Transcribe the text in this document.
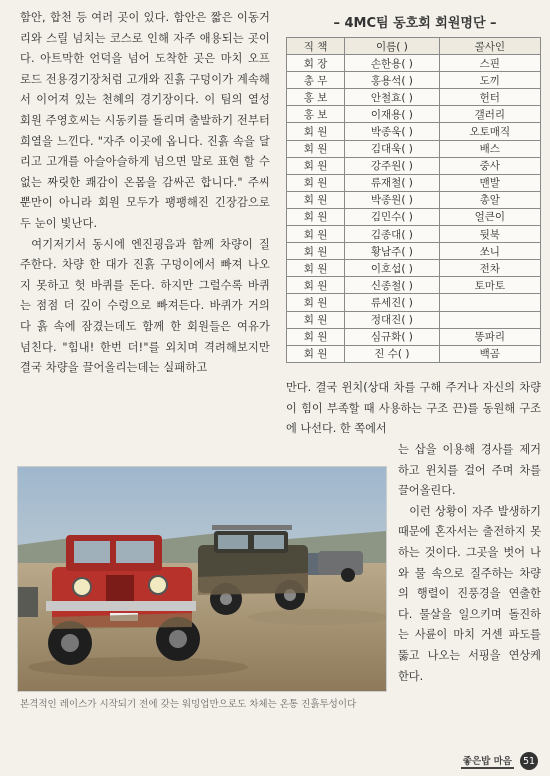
함안, 합천 등 여러 곳이 있다. 함안은 짧은 이동거리와 스릴 넘치는 코스로 인해 자주 애용되는 곳이다. 아트막한 언덕을 넘어 도착한 곳은 마치 오프로드 전용경기장처럼 고개와 진흙 구덩이가 계속해서 이어져 있는 천혜의 경기장이다. 이 팀의 열성회원 주영호씨는 시동키를 돌리며 출발하기 전부터 희열을 느낀다. "자주 이곳에 옵니다. 진흙 속을 달리고 고개를 아슬아슬하게 넘으면 말로 표현 할 수 없는 짜릿한 쾌감이 온몸을 감싸곤 합니다." 주씨 뿐만이 아니라 회원 모두가 팽팽해진 긴장감으로 두 눈이 빛난다.

여기저기서 동시에 엔진굉음과 함께 차량이 질주한다. 차량 한 대가 진흙 구덩이에서 빠져 나오지 못하고 헛 바퀴를 돈다. 하지만 그럴수록 바퀴는 점점 더 깊이 수렁으로 빠져든다. 바퀴가 거의 다 흙 속에 잠겼는데도 함께 한 회원들은 여유가 넘친다. "힘내! 한번 더!"를 외치며 격려해보지만 결국 차량을 끌어올리는데는 실패하고

– 4MC팀 동호회 회원명단 –
직 책	이름( )	콜사인
회 장	손한용( )	스핀
총 무	홍용석( )	도끼
홍 보	안철효( )	헌터
홍 보	이재용( )	갤러리
회 원	박종욱( )	오토매직
회 원	김대욱( )	배스
회 원	강주원( )	중사
회 원	류재철( )	맨발
회 원	박종원( )	총알
회 원	김민수( )	얼큰이
회 원	김종대( )	뒷북
회 원	황남주( )	쏘니
회 원	이호섭( )	전차
회 원	신종철( )	토마토
회 원	류세진( )	
회 원	정대진( )	
회 원	심규화( )	똥파리
회 원	진 수( )	백곰
만다. 결국 윈치(상대 차를 구해 주거나 자신의 차량이 힘이 부족할 때 사용하는 구조 끈)를 동원해 구조에 나선다. 한 쪽에서

는 삽을 이용해 경사를 제거하고 윈치를 걸어 주며 차를 끌어올린다.

이런 상황이 자주 발생하기 때문에 혼자서는 출전하지 못하는 것이다. 그곳을 벗어 나와 물 속으로 질주하는 차량의 행렬이 진풍경을 연출한다. 물살을 일으키며 돌진하는 사륜이 마치 거센 파도를 뚫고 나오는 서핑을 연상케 한다.

본격적인 레이스가 시작되기 전에 갖는 워밍업만으로도 차체는 온통 진흙투성이다
좋은밥 마음	51
